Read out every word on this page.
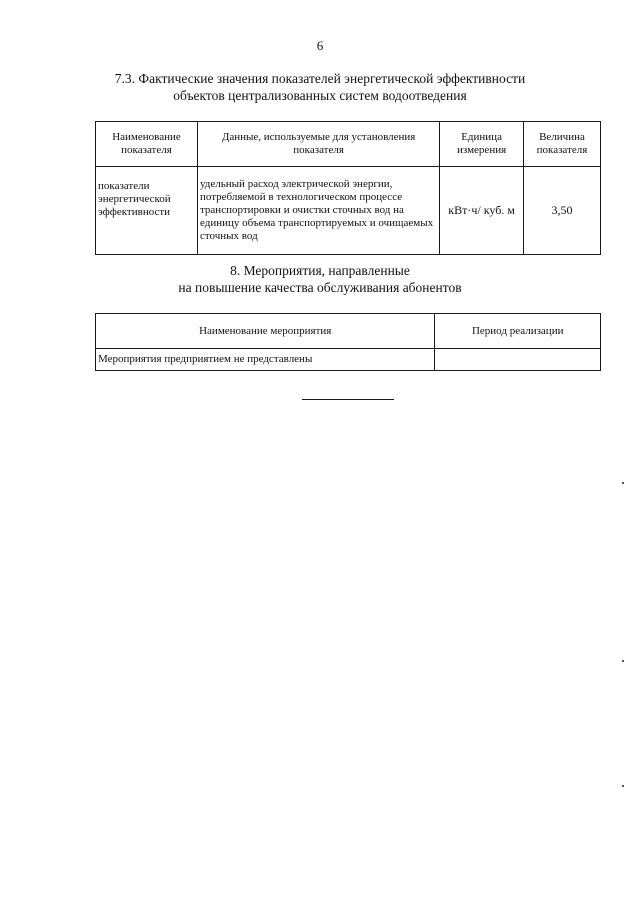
6
7.3. Фактические значения показателей энергетической эффективности
объектов централизованных систем водоотведения
Наименование показателя	Данные, используемые для установления показателя	Единица измерения	Величина показателя
показатели энергетической эффективности	удельный расход электрической энергии, потребляемой в технологическом процессе транспортировки и очистки сточных вод на единицу объема транспортируемых и очищаемых сточных вод	кВт·ч/ куб. м	3,50
8. Мероприятия, направленные
на повышение качества обслуживания абонентов
Наименование мероприятия	Период реализации
Мероприятия предприятием не представлены	
